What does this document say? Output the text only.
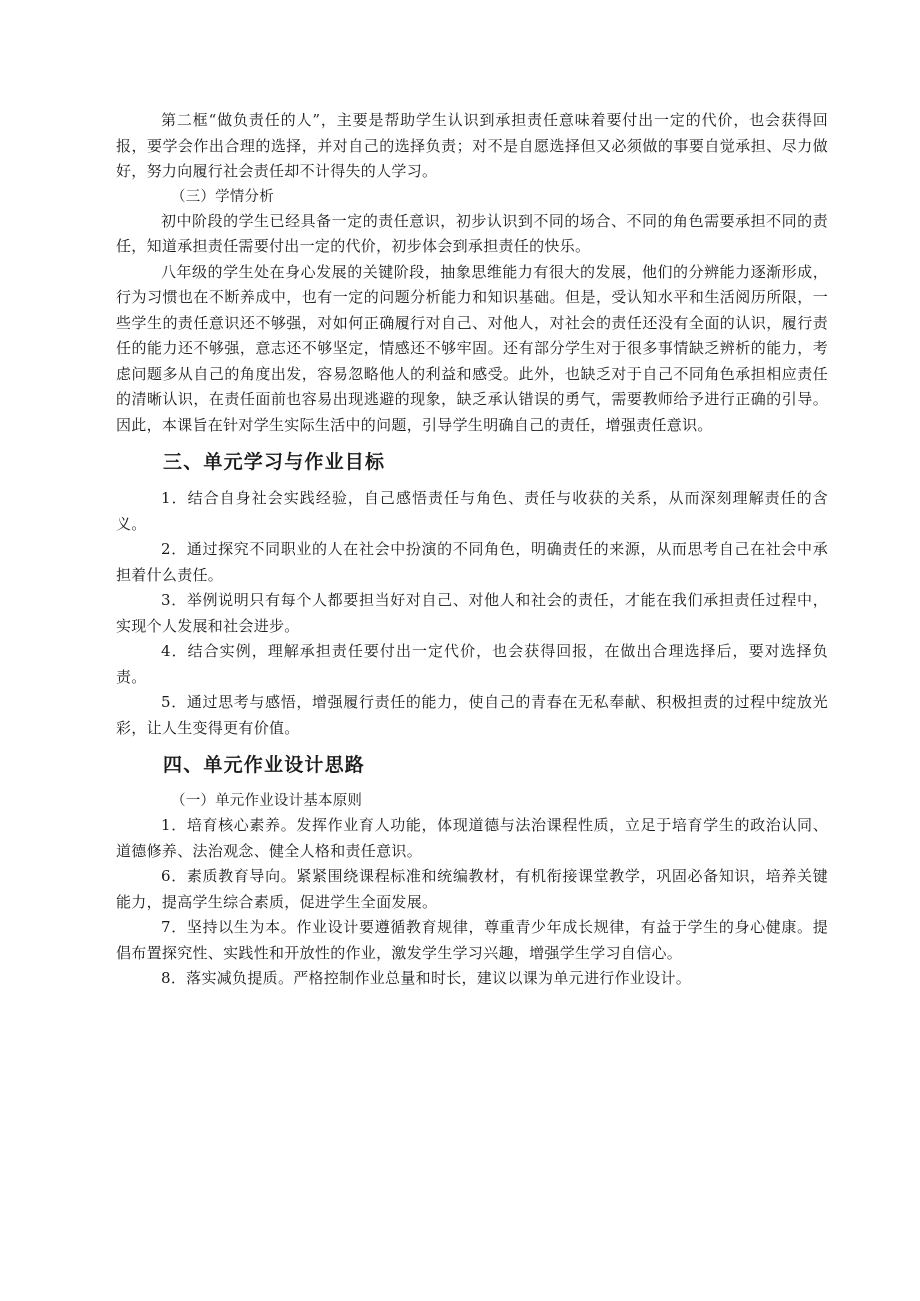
第二框“做负责任的人”，主要是帮助学生认识到承担责任意味着要付出一定的代价，也会获得回报，要学会作出合理的选择，并对自己的选择负责；对不是自愿选择但又必须做的事要自觉承担、尽力做好，努力向履行社会责任却不计得失的人学习。

（三）学情分析

初中阶段的学生已经具备一定的责任意识，初步认识到不同的场合、不同的角色需要承担不同的责任，知道承担责任需要付出一定的代价，初步体会到承担责任的快乐。

八年级的学生处在身心发展的关键阶段，抽象思维能力有很大的发展，他们的分辨能力逐渐形成，行为习惯也在不断养成中，也有一定的问题分析能力和知识基础。但是，受认知水平和生活阅历所限，一些学生的责任意识还不够强，对如何正确履行对自己、对他人，对社会的责任还没有全面的认识，履行责任的能力还不够强，意志还不够坚定，情感还不够牢固。还有部分学生对于很多事情缺乏辨析的能力，考虑问题多从自己的角度出发，容易忽略他人的利益和感受。此外，也缺乏对于自己不同角色承担相应责任的清晰认识，在责任面前也容易出现逃避的现象，缺乏承认错误的勇气，需要教师给予进行正确的引导。因此，本课旨在针对学生实际生活中的问题，引导学生明确自己的责任，增强责任意识。

三、单元学习与作业目标

1．结合自身社会实践经验，自己感悟责任与角色、责任与收获的关系，从而深刻理解责任的含义。

2．通过探究不同职业的人在社会中扮演的不同角色，明确责任的来源，从而思考自己在社会中承担着什么责任。

3．举例说明只有每个人都要担当好对自己、对他人和社会的责任，才能在我们承担责任过程中，实现个人发展和社会进步。

4．结合实例，理解承担责任要付出一定代价，也会获得回报，在做出合理选择后，要对选择负责。

5．通过思考与感悟，增强履行责任的能力，使自己的青春在无私奉献、积极担责的过程中绽放光彩，让人生变得更有价值。

四、单元作业设计思路

（一）单元作业设计基本原则

1．培育核心素养。发挥作业育人功能，体现道德与法治课程性质，立足于培育学生的政治认同、道德修养、法治观念、健全人格和责任意识。

6．素质教育导向。紧紧围绕课程标准和统编教材，有机衔接课堂教学，巩固必备知识，培养关键能力，提高学生综合素质，促进学生全面发展。

7．坚持以生为本。作业设计要遵循教育规律，尊重青少年成长规律，有益于学生的身心健康。提倡布置探究性、实践性和开放性的作业，激发学生学习兴趣，增强学生学习自信心。

8．落实减负提质。严格控制作业总量和时长，建议以课为单元进行作业设计。
